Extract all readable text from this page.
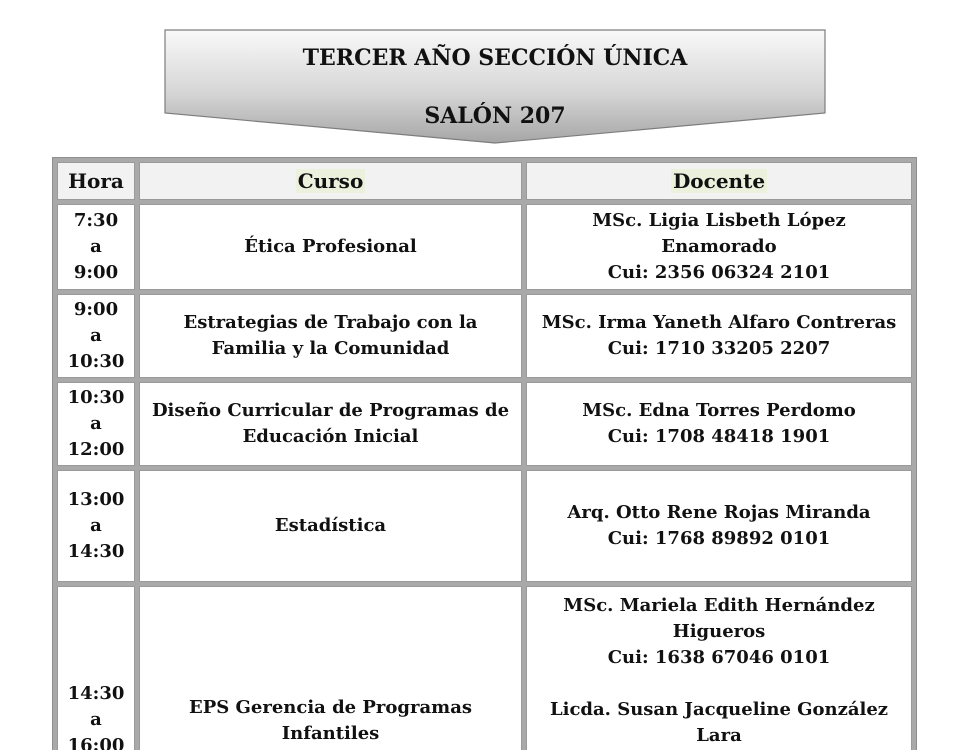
TERCER AÑO SECCIÓN ÚNICA
SALÓN 207
Hora	Curso	Docente

7:30
a
9:00	Ética Profesional	MSc. Ligia Lisbeth López
Enamorado
Cui: 2356 06324 2101

9:00
a
10:30	Estrategias de Trabajo con la Familia y la Comunidad	MSc. Irma Yaneth Alfaro Contreras
Cui: 1710 33205 2207

10:30
a
12:00	Diseño Curricular de Programas de Educación Inicial	MSc. Edna Torres Perdomo
Cui: 1708 48418 1901

13:00
a
14:30	Estadística	Arq. Otto Rene Rojas Miranda
Cui: 1768 89892 0101

14:30
a
16:00	EPS Gerencia de Programas Infantiles	MSc. Mariela Edith Hernández
Higueros
Cui: 1638 67046 0101
Licda. Susan Jacqueline González
Lara
